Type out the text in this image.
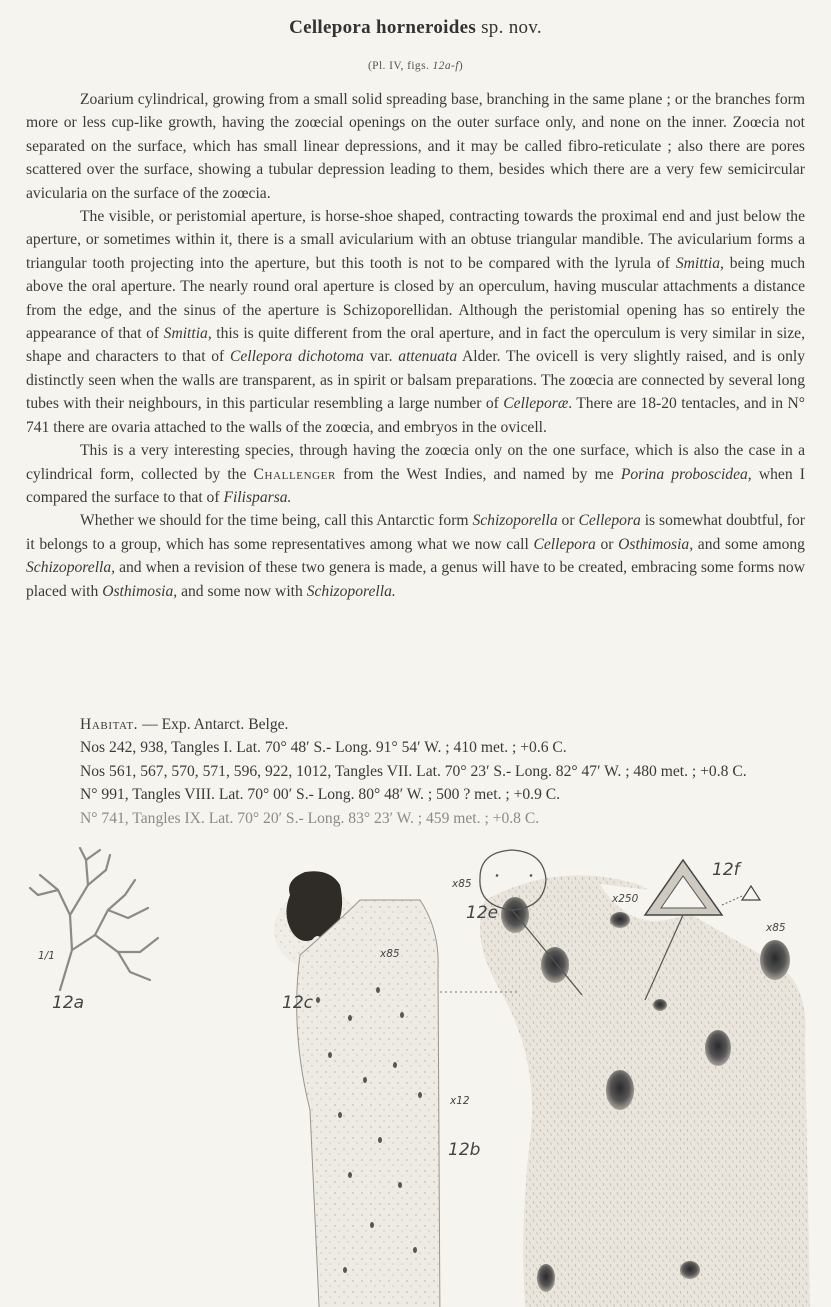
Cellepora horneroides sp. nov.
(Pl. IV, figs. 12a-f)

Zoarium cylindrical, growing from a small solid spreading base, branching in the same plane ; or the branches form more or less cup-like growth, having the zoœcial openings on the outer surface only, and none on the inner. Zoœcia not separated on the surface, which has small linear depressions, and it may be called fibro-reticulate ; also there are pores scattered over the surface, showing a tubular depression leading to them, besides which there are a very few semicircular avicularia on the surface of the zoœcia.

The visible, or peristomial aperture, is horse-shoe shaped, contracting towards the proximal end and just below the aperture, or sometimes within it, there is a small avicularium with an obtuse triangular mandible. The avicularium forms a triangular tooth projecting into the aperture, but this tooth is not to be compared with the lyrula of Smittia, being much above the oral aperture. The nearly round oral aperture is closed by an operculum, having muscular attachments a distance from the edge, and the sinus of the aperture is Schizoporellidan. Although the peristomial opening has so entirely the appearance of that of Smittia, this is quite different from the oral aperture, and in fact the operculum is very similar in size, shape and characters to that of Cellepora dichotoma var. attenuata Alder. The ovicell is very slightly raised, and is only distinctly seen when the walls are transparent, as in spirit or balsam preparations. The zoœcia are connected by several long tubes with their neighbours, in this particular resembling a large number of Celleporæ. There are 18-20 tentacles, and in N° 741 there are ovaria attached to the walls of the zoœcia, and embryos in the ovicell.

This is a very interesting species, through having the zoœcia only on the one surface, which is also the case in a cylindrical form, collected by the Challenger from the West Indies, and named by me Porina proboscidea, when I compared the surface to that of Filisparsa.

Whether we should for the time being, call this Antarctic form Schizoporella or Cellepora is somewhat doubtful, for it belongs to a group, which has some representatives among what we now call Cellepora or Osthimosia, and some among Schizoporella, and when a revision of these two genera is made, a genus will have to be created, embracing some forms now placed with Osthimosia, and some now with Schizoporella.

Habitat. — Exp. Antarct. Belge.

Nos 242, 938, Tangles I. Lat. 70° 48′ S.- Long. 91° 54′ W. ; 410 met. ; +0.6 C.

Nos 561, 567, 570, 571, 596, 922, 1012, Tangles VII. Lat. 70° 23′ S.- Long. 82° 47′ W. ; 480 met. ; +0.8 C.

N° 991, Tangles VIII. Lat. 70° 00′ S.- Long. 80° 48′ W. ; 500 ? met. ; +0.9 C.

N° 741, Tangles IX. Lat. 70° 20′ S.- Long. 83° 23′ W. ; 459 met. ; +0.8 C.

1/1
12a
x85
12c
x85
12e
12f
x250
x85
x12
12b
